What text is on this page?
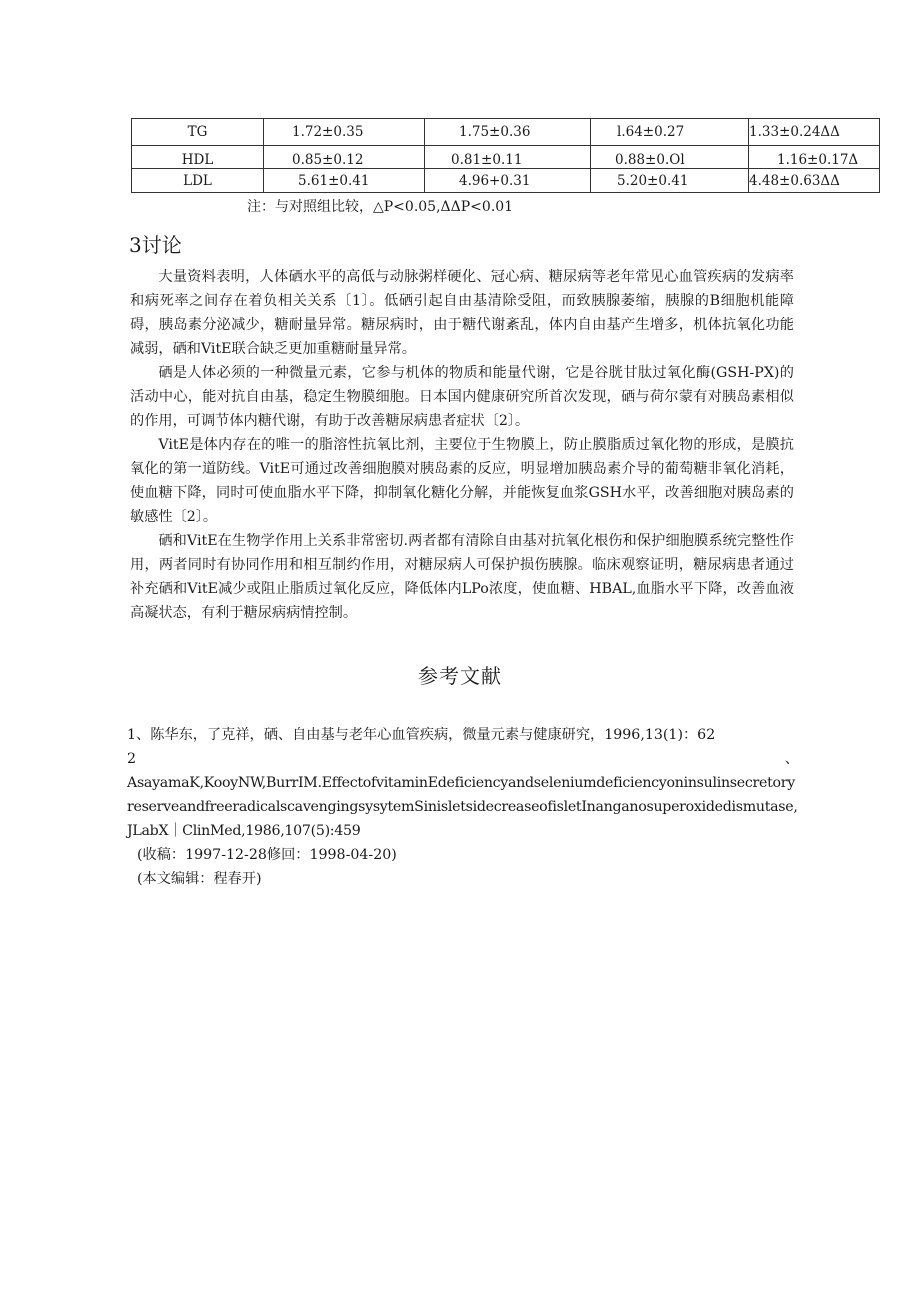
TG	1.72±0.35	1.75±0.36	l.64±0.27	1.33±0.24ΔΔ
HDL	0.85±0.12	0.81±0.11	0.88±0.Ol	1.16±0.17Δ
LDL	5.61±0.41	4.96+0.31	5.20±0.41	4.48±0.63ΔΔ
注：与对照组比较，△P<0.05,ΔΔP<0.01
3讨论

大量资料表明，人体硒水平的高低与动脉粥样硬化、冠心病、糖尿病等老年常见心血管疾病的发病率和病死率之间存在着负相关关系〔1〕。低硒引起自由基清除受阻，而致胰腺萎缩，胰腺的B细胞机能障碍，胰岛素分泌减少，糖耐量异常。糖尿病时，由于糖代谢紊乱，体内自由基产生增多，机体抗氧化功能减弱，硒和VitE联合缺乏更加重糖耐量异常。

硒是人体必须的一种微量元素，它参与机体的物质和能量代谢，它是谷胱甘肽过氧化酶(GSH-PX)的活动中心，能对抗自由基，稳定生物膜细胞。日本国内健康研究所首次发现，硒与荷尔蒙有对胰岛素相似的作用，可调节体内糖代谢，有助于改善糖尿病患者症状〔2〕。

VitE是体内存在的唯一的脂溶性抗氧比剂，主要位于生物膜上，防止膜脂质过氧化物的形成，是膜抗氧化的第一道防线。VitE可通过改善细胞膜对胰岛素的反应，明显增加胰岛素介导的葡萄糖非氧化消耗，使血糖下降，同时可使血脂水平下降，抑制氧化糖化分解，并能恢复血浆GSH水平，改善细胞对胰岛素的敏感性〔2〕。

硒和VitE在生物学作用上关系非常密切.两者都有清除自由基对抗氧化根伤和保护细胞膜系统完整性作用，两者同时有协同作用和相互制约作用，对糖尿病人可保护损伤胰腺。临床观察证明，糖尿病患者通过补充硒和VitE减少或阻止脂质过氧化反应，降低体内LPo浓度，使血糖、HBAL,血脂水平下降，改善血液高凝状态，有利于糖尿病病情控制。

参考文献
1、陈华东，了克祥，硒、自由基与老年心血管疾病，微量元素与健康研究，1996,13(1)：62
2	、
AsayamaK,KooyNW,BurrIM.EffectofvitaminEdeficiencyandseleniumdeficiencyoninsulinsecretoryreserveandfreeradicalscavengingsysytemSinisletsidecreaseofisletInanganosuperoxidedismutase,JLabX｜ClinMed,1986,107(5):459
(收稿：1997-12-28修回：1998-04-20)
(本文编辑：程春开)
